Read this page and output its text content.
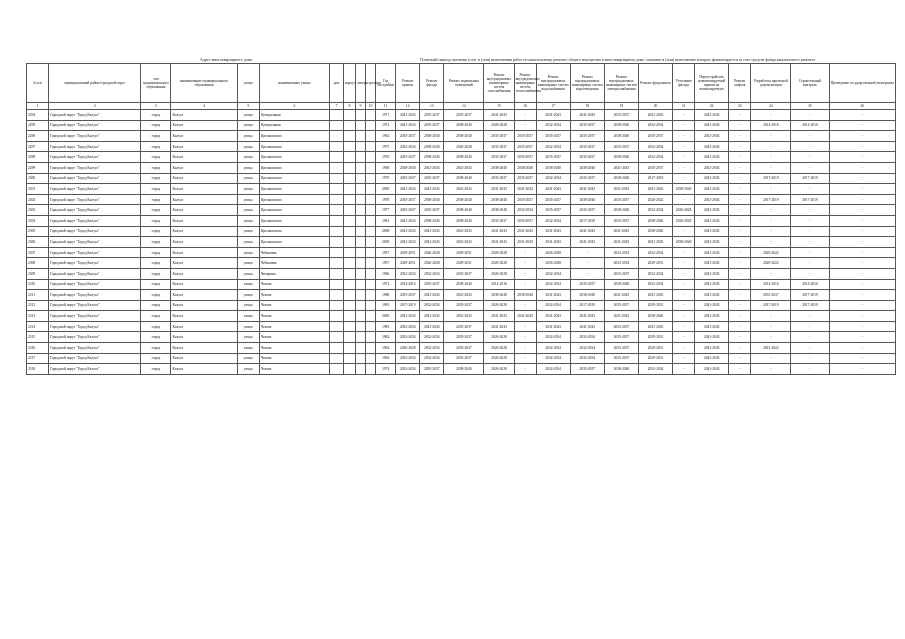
Адрес многоквартирного дома	Плановый период оказания услуг и (или) выполнения работ по капитальному ремонту общего имущества в многоквартирном доме, оказание и (или) выполнение которых финансируется за счет средств фонда капитального ремонта
№ п/п	муниципальный район/городской округ	тип муниципального образования	наименование муниципального образования	улица	наименование улицы	дом	корпус	литера	строение	Год постройки	Ремонт крыши	Ремонт фасада	Ремонт подвальных помещений	Ремонт внутридомовых инженерных систем газоснабжения	Ремонт внутридомовых инженерных систем теплоснабжения	Ремонт внутридомовых инженерных систем водоснабжения	Ремонт внутридомовых инженерных систем водоотведения	Ремонт внутридомовых инженерных систем электроснабжения	Ремонт фундамента	Утепление фасада	Переустройство невентилируемой крыши на вентилируемую	Ремонт лифтов	Разработка проектной документации	Строительный контроль	Проведение государственной экспертизы
1	2	3	4	5	6	7	8	9	10	11	12	13	14	15	16	17	18	19	20	21	22	23	24	25	26
2294	Городской округ "Город Калуга"	город	Калуга	улица	Центральная					1971	2041-2043	2035-2037	2035-2037	2041-2043	-	2041-2043	2041-2043	2035-2037	2041-2043	-	2041-2043	-	-	-	-
2295	Городской округ "Город Калуга"	город	Калуга	улица	Центральная					1972	2041-2043	2035-2037	2038-2040	2026-2028	-	2032-2034	2035-2037	2038-2040	2032-2034	-	2041-2043	-	2014-2016	2014-2016	-
2296	Городской округ "Город Калуга"	город	Калуга	улица	Циолковского					1962	2035-2037	2038-2040	2038-2040	2035-2037	2035-2037	2035-2037	2035-2037	2038-2040	2035-2037	-	2041-2043	-	-	-	-
2297	Городской округ "Город Калуга"	город	Калуга	улица	Циолковского					1975	2032-2034	2038-2040	2026-2028	2035-2037	2035-2037	2032-2034	2035-2037	2035-2037	2032-2034	-	2041-2043	-	-	-	-
2298	Городской округ "Город Калуга"	город	Калуга	улица	Циолковского					1976	2035-2037	2038-2040	2038-2040	2035-2037	2035-2037	2035-2037	2035-2037	2038-2040	2032-2034	-	2041-2043	-	-	-	-
2299	Городской округ "Город Калуга"	город	Калуга	улица	Циолковского					1968	2038-2040	2041-2043	2041-2043	2038-2040	2038-2040	2038-2040	2038-2040	2041-2043	2035-2037	-	2041-2043	-	-	-	-
2300	Городской округ "Город Калуга"	город	Калуга	улица	Циолковского					1970	2035-2037	2035-2037	2038-2040	2035-2037	2035-2037	2032-2034	2035-2037	2038-2040	2017-2019	-	2041-2043	-	2017-2019	2017-2019	-
2301	Городской округ "Город Калуга"	город	Калуга	улица	Циолковского					2000	2041-2043	2041-2043	2041-2043	2041-2043	2041-2043	2041-2043	2041-2043	2041-2043	2041-2043	2038-2040	2041-2043	-	-	-	-
2302	Городской округ "Город Калуга"	город	Калуга	улица	Циолковского					1978	2035-2037	2038-2040	2038-2040	2038-2040	2035-2037	2035-2037	2038-2040	2035-2037	2020-2022	-	2041-2043	-	2017-2019	2017-2019	-
2303	Городской округ "Город Калуга"	город	Калуга	улица	Циолковского					1977	2035-2037	2035-2037	2038-2040	2038-2040	2032-2034	2035-2037	2035-2037	2038-2040	2032-2034	2026-2028	2041-2043	-	-	-	-
2304	Городской округ "Город Калуга"	город	Калуга	улица	Циолковского					1961	2041-2043	2038-2040	2038-2040	2035-2037	2035-2037	2032-2034	2017-2019	2035-2037	2038-2040	2026-2028	2041-2043	-	-	-	-
2305	Городской округ "Город Калуга"	город	Калуга	улица	Циолковского					2008	2041-2043	2041-2043	2041-2043	2041-2043	2041-2043	2041-2043	2041-2043	2041-2043	2038-2040	-	2041-2043	-	-	-	-
2306	Городской округ "Город Калуга"	город	Калуга	улица	Циолковского					2009	2041-2043	2041-2043	2041-2043	2041-2043	2041-2043	2041-2043	2041-2043	2041-2043	2041-2043	2038-2040	2041-2043	-	-	-	-
2307	Городской округ "Город Калуга"	город	Калуга	улица	Чебышева					1957	2029-2031	2026-2028	2029-2031	2026-2028	-	2026-2028	-	2032-2034	2032-2034	-	2041-2043	-	2020-2022	-	-
2308	Городской округ "Город Калуга"	город	Калуга	улица	Чебышева					1957	2029-2031	2026-2028	2029-2031	2026-2028	-	2026-2028	-	2032-2034	2029-2031	-	2041-2043	-	2020-2022	-	-
2309	Городской округ "Город Калуга"	город	Калуга	улица	Чичерина					1960	2032-2034	2032-2034	2035-2037	2026-2028	-	2032-2034	-	2035-2037	2032-2034	-	2041-2043	-	-	-	-
2310	Городской округ "Город Калуга"	город	Калуга	улица	Чехова					1972	2014-2016	2035-2037	2038-2040	2014-2016	-	2032-2034	2035-2037	2038-2040	2032-2034	-	2041-2043	-	2014-2016	2014-2016	-
2311	Городской округ "Город Калуга"	город	Калуга	улица	Чехова					1988	2035-2037	2041-2043	2041-2043	2038-2040	2038-2040	2041-2043	2038-2040	2041-2043	2041-2043	-	2041-2043	-	2035-2037	2017-2019	-
2312	Городской округ "Город Калуга"	город	Калуга	улица	Чехова					1963	2017-2019	2032-2034	2035-2037	2026-2028	-	2032-2034	2017-2019	2035-2037	2029-2031	-	2041-2043	-	2017-2019	2017-2019	-
2313	Городской округ "Город Калуга"	город	Калуга	улица	Чехова					2000	2041-2043	2041-2043	2041-2043	2041-2043	2041-2043	2041-2043	2041-2043	2041-2043	2038-2040	-	2041-2043	-	-	-	-
2314	Городской округ "Город Калуга"	город	Калуга	улица	Чехова					1983	2032-2034	2041-2043	2035-2037	2041-2043	-	2041-2043	2041-2043	2035-2037	2041-2043	-	2041-2043	-	-	-	-
2315	Городской округ "Город Калуга"	город	Калуга	улица	Чехова					1962	2032-2034	2032-2034	2035-2037	2026-2028	-	2032-2034	2032-2034	2035-2037	2029-2031	-	2041-2043	-	-	-	-
2316	Городской округ "Город Калуга"	город	Калуга	улица	Чехова					1962	2026-2028	2032-2034	2035-2037	2026-2028	-	2032-2034	2032-2034	2035-2037	2029-2031	-	2041-2043	-	2021-2022	-	-
2317	Городской округ "Город Калуга"	город	Калуга	улица	Чехова					1962	2032-2034	2032-2034	2035-2037	2026-2028	-	2032-2034	2032-2034	2035-2037	2029-2031	-	2041-2043	-	-	-	-
2318	Городской округ "Город Калуга"	город	Калуга	улица	Чехова					1974	2032-2034	2035-2037	2038-2040	2026-2028	-	2032-2034	2035-2037	2038-2040	2032-2034	-	2041-2043	-	-	-	-
